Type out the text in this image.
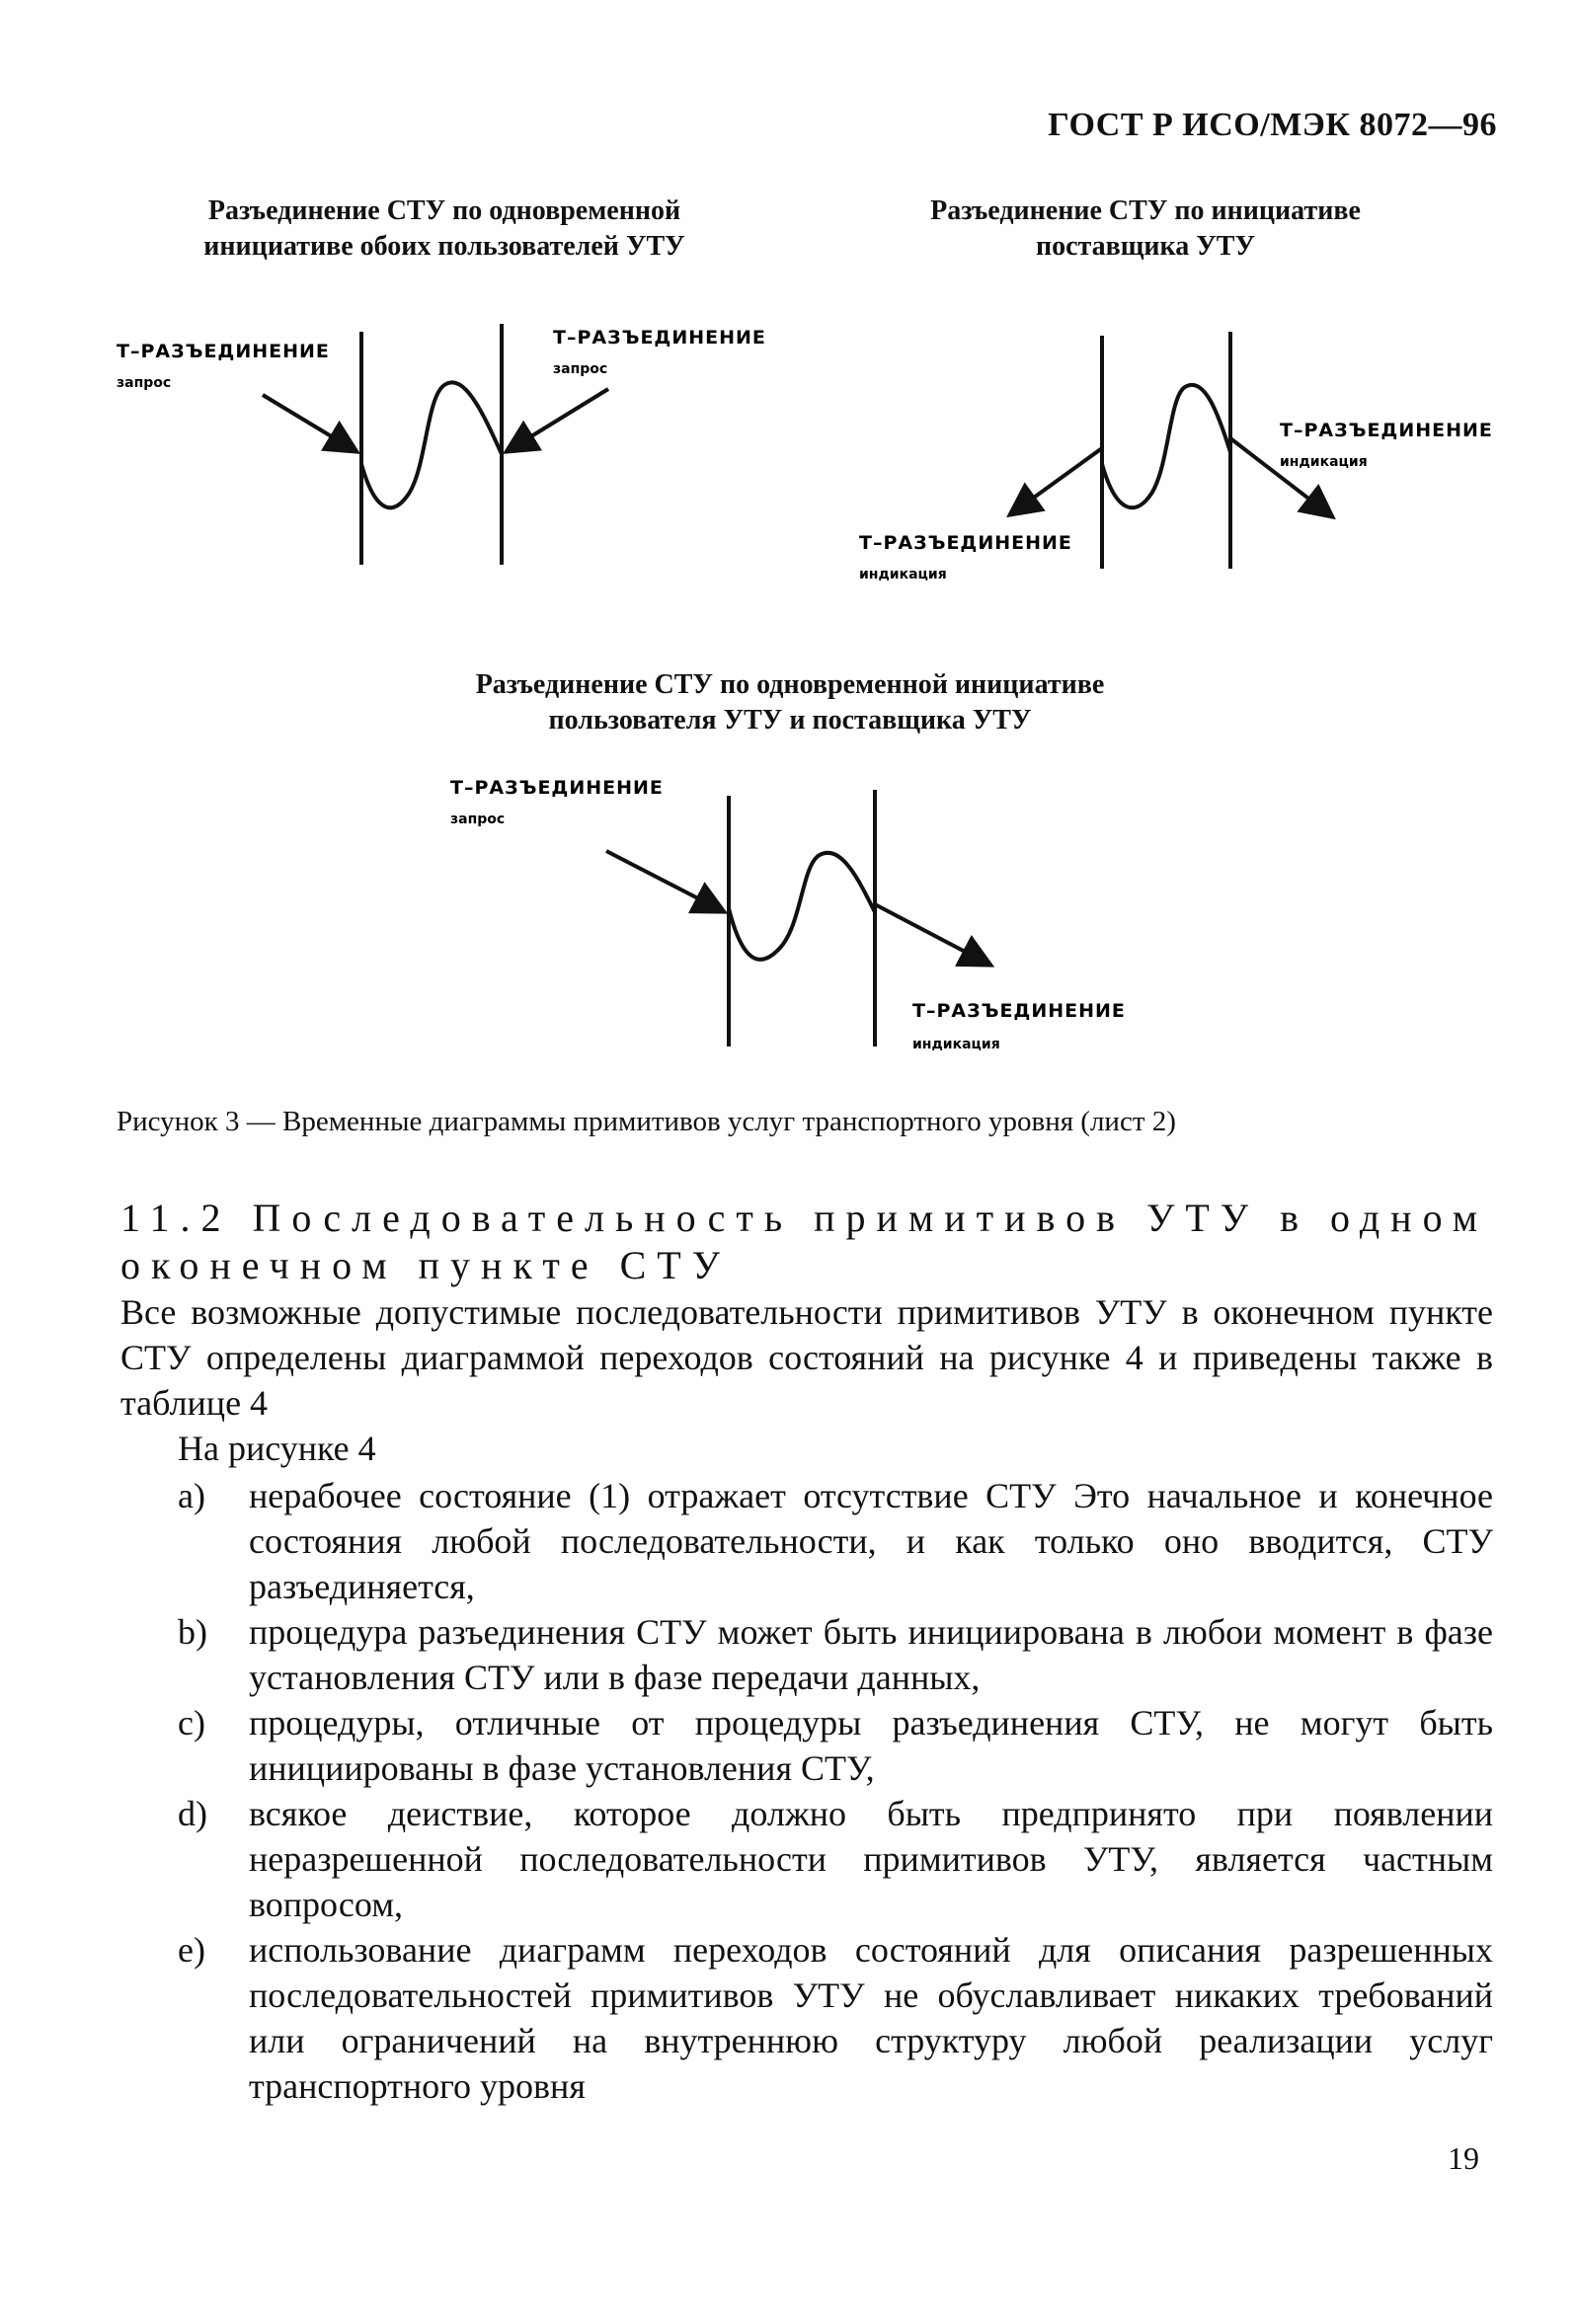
ГОСТ Р ИСО/МЭК 8072—96
Разъединение СТУ по одновременной
инициативе обоих пользователей УТУ
Разъединение СТУ по инициативе
поставщика УТУ
Разъединение СТУ по одновременной инициативе
пользователя УТУ и поставщика УТУ
Т–РАЗЪЕДИНЕНИЕ
запрос
Т–РАЗЪЕДИНЕНИЕ
запрос
Т–РАЗЪЕДИНЕНИЕ
индикация
Т–РАЗЪЕДИНЕНИЕ
индикация
Т–РАЗЪЕДИНЕНИЕ
запрос
Т–РАЗЪЕДИНЕНИЕ
индикация
Рисунок 3 — Временные диаграммы примитивов услуг транспортного уровня (лист 2)
11.2 Последовательность примитивов УТУ в одном оконечном пункте СТУ
Все возможные допустимые последовательности примитивов УТУ в оконечном пункте СТУ определены диаграммой переходов состояний на рисунке 4 и приведены также в таблице 4
На рисунке 4
а) нерабочее состояние (1) отражает отсутствие СТУ Это начальное и конечное состояния любой последовательности, и как только оно вводится, СТУ разъединяется,
b) процедура разъединения СТУ может быть инициирована в любои момент в фазе установления СТУ или в фазе передачи данных,
c) процедуры, отличные от процедуры разъединения СТУ, не могут быть инициированы в фазе установления СТУ,
d) всякое деиствие, которое должно быть предпринято при появлении неразрешенной последовательности примитивов УТУ, является частным вопросом,
e) использование диаграмм переходов состояний для описания разрешенных последовательностей примитивов УТУ не обуславливает никаких требований или ограничений на внутреннюю структуру любой реализации услуг транспортного уровня
19
